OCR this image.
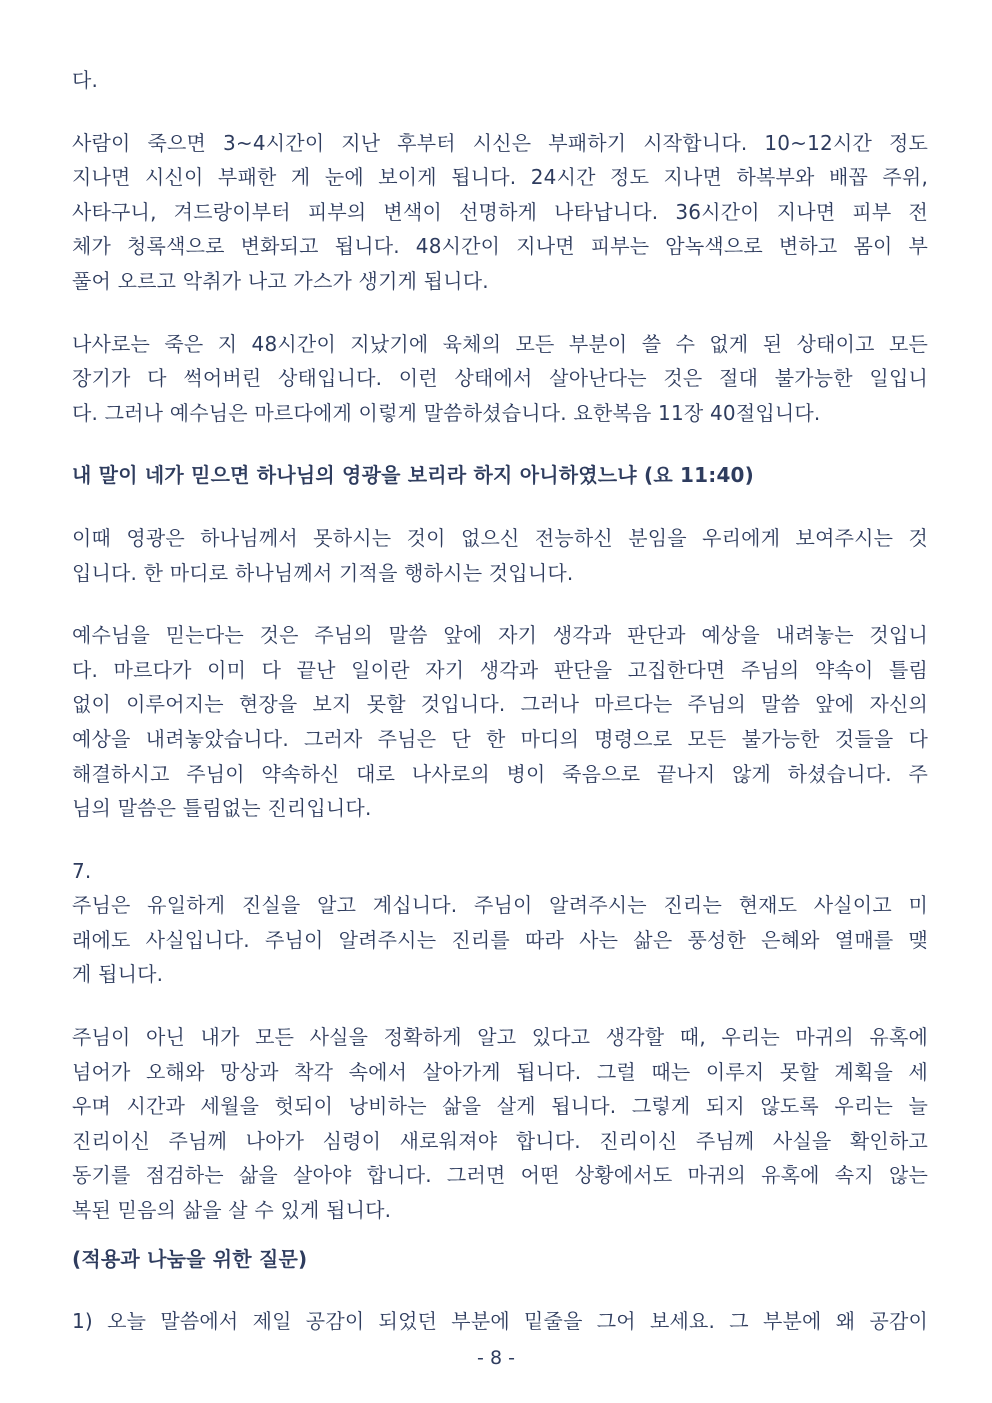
다.
사람이 죽으면 3~4시간이 지난 후부터 시신은 부패하기 시작합니다. 10~12시간 정도
지나면 시신이 부패한 게 눈에 보이게 됩니다. 24시간 정도 지나면 하복부와 배꼽 주위,
사타구니, 겨드랑이부터 피부의 변색이 선명하게 나타납니다. 36시간이 지나면 피부 전
체가 청록색으로 변화되고 됩니다. 48시간이 지나면 피부는 암녹색으로 변하고 몸이 부
풀어 오르고 악취가 나고 가스가 생기게 됩니다.
나사로는 죽은 지 48시간이 지났기에 육체의 모든 부분이 쓸 수 없게 된 상태이고 모든
장기가 다 썩어버린 상태입니다. 이런 상태에서 살아난다는 것은 절대 불가능한 일입니
다. 그러나 예수님은 마르다에게 이렇게 말씀하셨습니다. 요한복음 11장 40절입니다.
내 말이 네가 믿으면 하나님의 영광을 보리라 하지 아니하였느냐 (요 11:40)
이때 영광은 하나님께서 못하시는 것이 없으신 전능하신 분임을 우리에게 보여주시는 것
입니다. 한 마디로 하나님께서 기적을 행하시는 것입니다.
예수님을 믿는다는 것은 주님의 말씀 앞에 자기 생각과 판단과 예상을 내려놓는 것입니
다. 마르다가 이미 다 끝난 일이란 자기 생각과 판단을 고집한다면 주님의 약속이 틀림
없이 이루어지는 현장을 보지 못할 것입니다. 그러나 마르다는 주님의 말씀 앞에 자신의
예상을 내려놓았습니다. 그러자 주님은 단 한 마디의 명령으로 모든 불가능한 것들을 다
해결하시고 주님이 약속하신 대로 나사로의 병이 죽음으로 끝나지 않게 하셨습니다. 주
님의 말씀은 틀림없는 진리입니다.
7.
주님은 유일하게 진실을 알고 계십니다. 주님이 알려주시는 진리는 현재도 사실이고 미
래에도 사실입니다. 주님이 알려주시는 진리를 따라 사는 삶은 풍성한 은혜와 열매를 맺
게 됩니다.
주님이 아닌 내가 모든 사실을 정확하게 알고 있다고 생각할 때, 우리는 마귀의 유혹에
넘어가 오해와 망상과 착각 속에서 살아가게 됩니다. 그럴 때는 이루지 못할 계획을 세
우며 시간과 세월을 헛되이 낭비하는 삶을 살게 됩니다. 그렇게 되지 않도록 우리는 늘
진리이신 주님께 나아가 심령이 새로워져야 합니다. 진리이신 주님께 사실을 확인하고
동기를 점검하는 삶을 살아야 합니다. 그러면 어떤 상황에서도 마귀의 유혹에 속지 않는
복된 믿음의 삶을 살 수 있게 됩니다.
(적용과 나눔을 위한 질문)
1) 오늘 말씀에서 제일 공감이 되었던 부분에 밑줄을 그어 보세요. 그 부분에 왜 공감이
- 8 -
